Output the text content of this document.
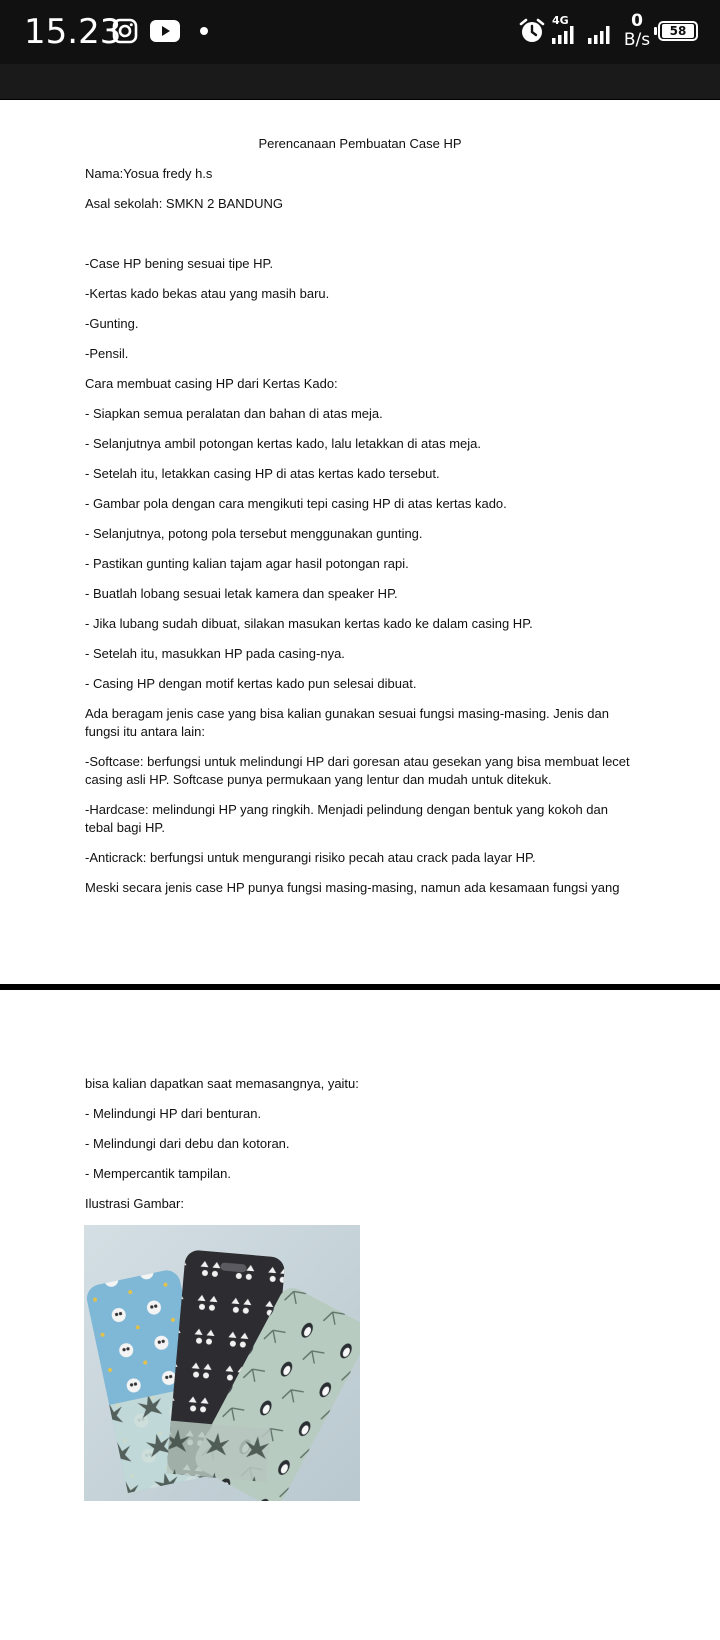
15.23	4G	0
B/s	58
Perencanaan Pembuatan Case HP
Nama:Yosua fredy h.s
Asal sekolah: SMKN 2 BANDUNG
-Case HP bening sesuai tipe HP.
-Kertas kado bekas atau yang masih baru.
-Gunting.
-Pensil.
Cara membuat casing HP dari Kertas Kado:
- Siapkan semua peralatan dan bahan di atas meja.
- Selanjutnya ambil potongan kertas kado, lalu letakkan di atas meja.
- Setelah itu, letakkan casing HP di atas kertas kado tersebut.
- Gambar pola dengan cara mengikuti tepi casing HP di atas kertas kado.
- Selanjutnya, potong pola tersebut menggunakan gunting.
- Pastikan gunting kalian tajam agar hasil potongan rapi.
- Buatlah lobang sesuai letak kamera dan speaker HP.
- Jika lubang sudah dibuat, silakan masukan kertas kado ke dalam casing HP.
- Setelah itu, masukkan HP pada casing-nya.
- Casing HP dengan motif kertas kado pun selesai dibuat.
Ada beragam jenis case yang bisa kalian gunakan sesuai fungsi masing-masing. Jenis dan fungsi itu antara lain:
-Softcase: berfungsi untuk melindungi HP dari goresan atau gesekan yang bisa membuat lecet casing asli HP. Softcase punya permukaan yang lentur dan mudah untuk ditekuk.
-Hardcase: melindungi HP yang ringkih. Menjadi pelindung dengan bentuk yang kokoh dan tebal bagi HP.
-Anticrack: berfungsi untuk mengurangi risiko pecah atau crack pada layar HP.
Meski secara jenis case HP punya fungsi masing-masing, namun ada kesamaan fungsi yang
bisa kalian dapatkan saat memasangnya, yaitu:
- Melindungi HP dari benturan.
- Melindungi dari debu dan kotoran.
- Mempercantik tampilan.
Ilustrasi Gambar:
